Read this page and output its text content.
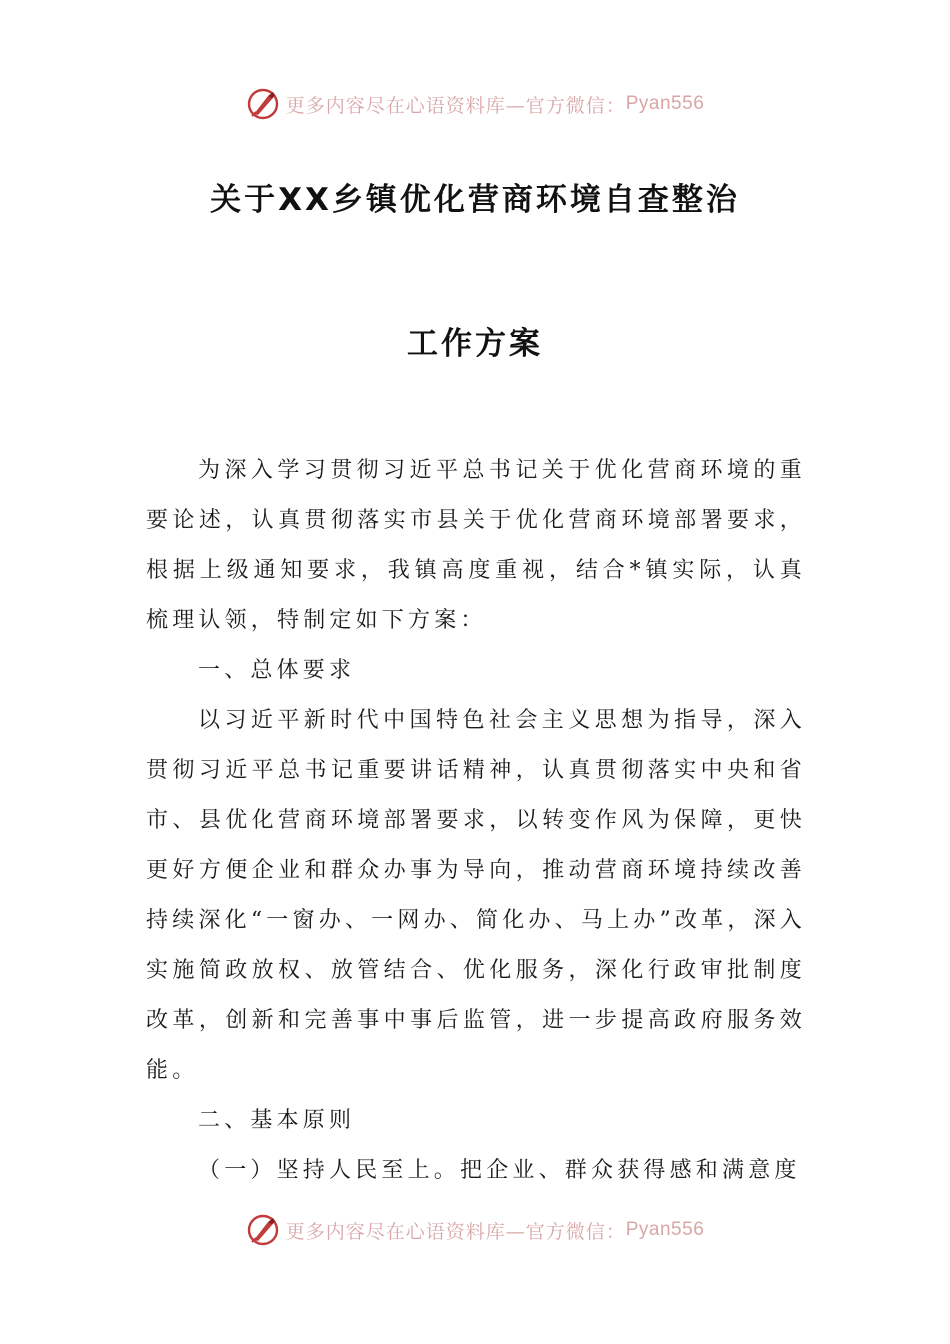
更多内容尽在心语资料库—官方微信： Pyan556
关于XX乡镇优化营商环境自查整治
工作方案

为深入学习贯彻习近平总书记关于优化营商环境的重要论述，认真贯彻落实市县关于优化营商环境部署要求，根据上级通知要求，我镇高度重视，结合*镇实际，认真梳理认领，特制定如下方案：

一、总体要求

以习近平新时代中国特色社会主义思想为指导，深入贯彻习近平总书记重要讲话精神，认真贯彻落实中央和省市、县优化营商环境部署要求，以转变作风为保障，更快更好方便企业和群众办事为导向，推动营商环境持续改善持续深化“一窗办、一网办、简化办、马上办”改革，深入实施简政放权、放管结合、优化服务，深化行政审批制度改革，创新和完善事中事后监管，进一步提高政府服务效能。

二、基本原则

（一）坚持人民至上。把企业、群众获得感和满意度

更多内容尽在心语资料库—官方微信： Pyan556
